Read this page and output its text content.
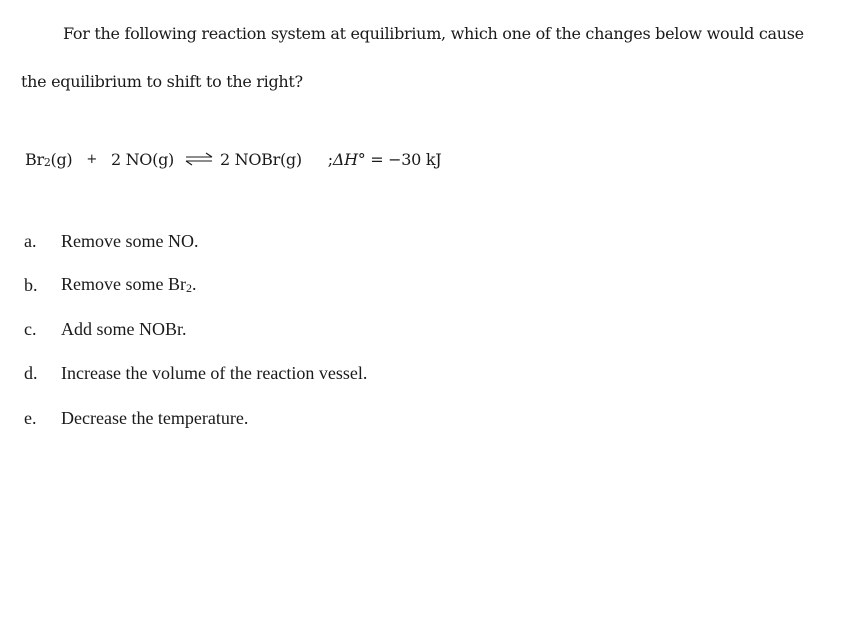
For the following reaction system at equilibrium, which one of the changes below would cause

the equilibrium to shift to the right?

$Br_2(g) + 2$ NO(g) ⇌ 2 NOBr(g) ;ΔH° = −30 kJ
a.	Remove some NO.
b.	Remove some $Br_2$.
c.	Add some NOBr.
d.	Increase the volume of the reaction vessel.
e.	Decrease the temperature.
